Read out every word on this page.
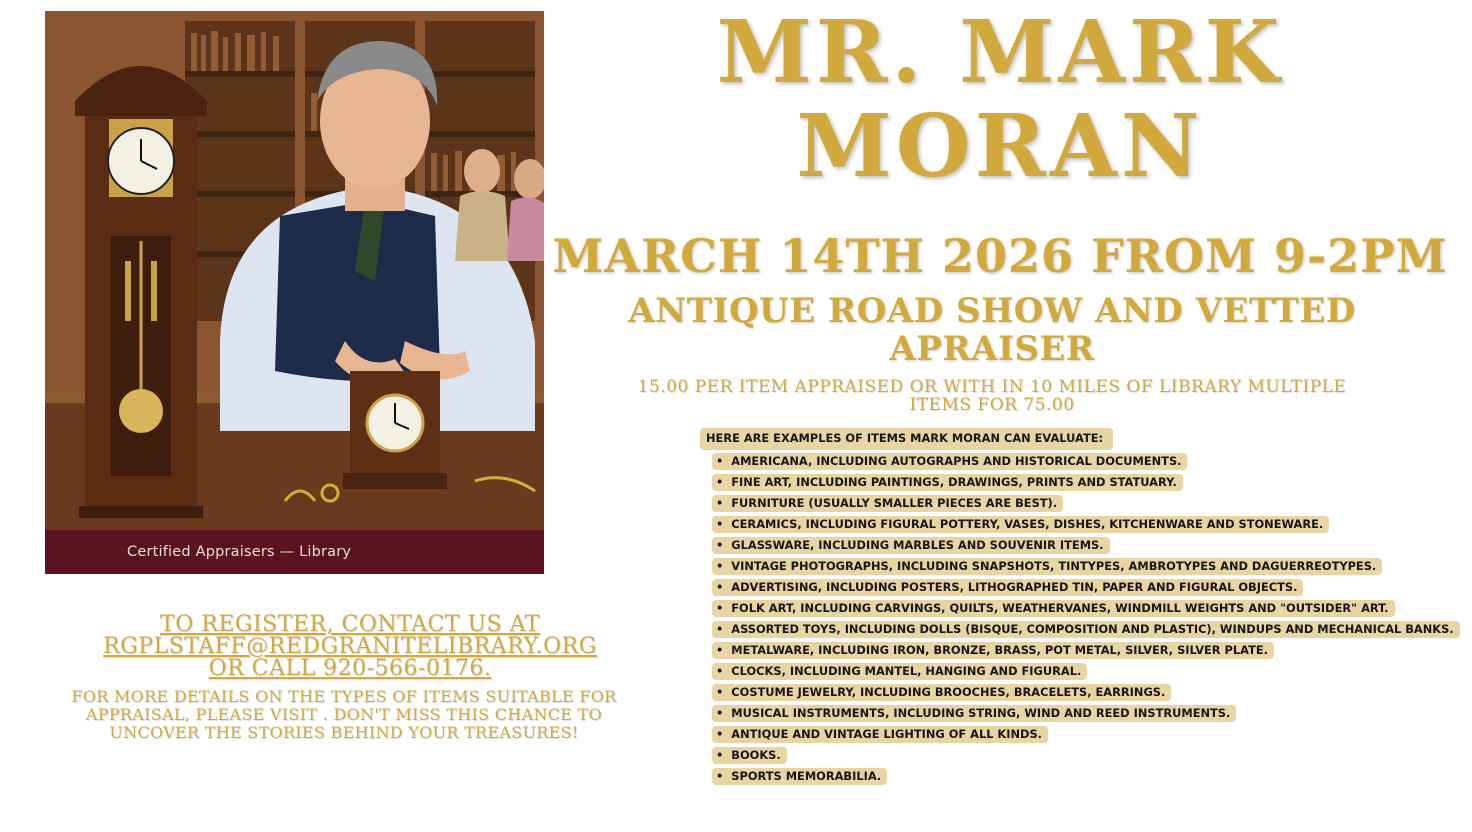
Certified Appraisers — Library
MR. MARK MORAN
MARCH 14TH 2026 FROM 9-2PM
ANTIQUE ROAD SHOW AND VETTED APRAISER
15.00 PER ITEM APPRAISED OR WITH IN 10 MILES OF LIBRARY MULTIPLE ITEMS FOR 75.00
HERE ARE EXAMPLES OF ITEMS MARK MORAN CAN EVALUATE:
• AMERICANA, INCLUDING AUTOGRAPHS AND HISTORICAL DOCUMENTS.
• FINE ART, INCLUDING PAINTINGS, DRAWINGS, PRINTS AND STATUARY.
• FURNITURE (USUALLY SMALLER PIECES ARE BEST).
• CERAMICS, INCLUDING FIGURAL POTTERY, VASES, DISHES, KITCHENWARE AND STONEWARE.
• GLASSWARE, INCLUDING MARBLES AND SOUVENIR ITEMS.
• VINTAGE PHOTOGRAPHS, INCLUDING SNAPSHOTS, TINTYPES, AMBROTYPES AND DAGUERREOTYPES.
• ADVERTISING, INCLUDING POSTERS, LITHOGRAPHED TIN, PAPER AND FIGURAL OBJECTS.
• FOLK ART, INCLUDING CARVINGS, QUILTS, WEATHERVANES, WINDMILL WEIGHTS AND "OUTSIDER" ART.
• ASSORTED TOYS, INCLUDING DOLLS (BISQUE, COMPOSITION AND PLASTIC), WINDUPS AND MECHANICAL BANKS.
• METALWARE, INCLUDING IRON, BRONZE, BRASS, POT METAL, SILVER, SILVER PLATE.
• CLOCKS, INCLUDING MANTEL, HANGING AND FIGURAL.
• COSTUME JEWELRY, INCLUDING BROOCHES, BRACELETS, EARRINGS.
• MUSICAL INSTRUMENTS, INCLUDING STRING, WIND AND REED INSTRUMENTS.
• ANTIQUE AND VINTAGE LIGHTING OF ALL KINDS.
• BOOKS.
• SPORTS MEMORABILIA.
TO REGISTER, CONTACT US AT
RGPLSTAFF@REDGRANITELIBRARY.ORG
OR CALL 920-566-0176.
FOR MORE DETAILS ON THE TYPES OF ITEMS SUITABLE FOR APPRAISAL, PLEASE VISIT . DON'T MISS THIS CHANCE TO UNCOVER THE STORIES BEHIND YOUR TREASURES!
